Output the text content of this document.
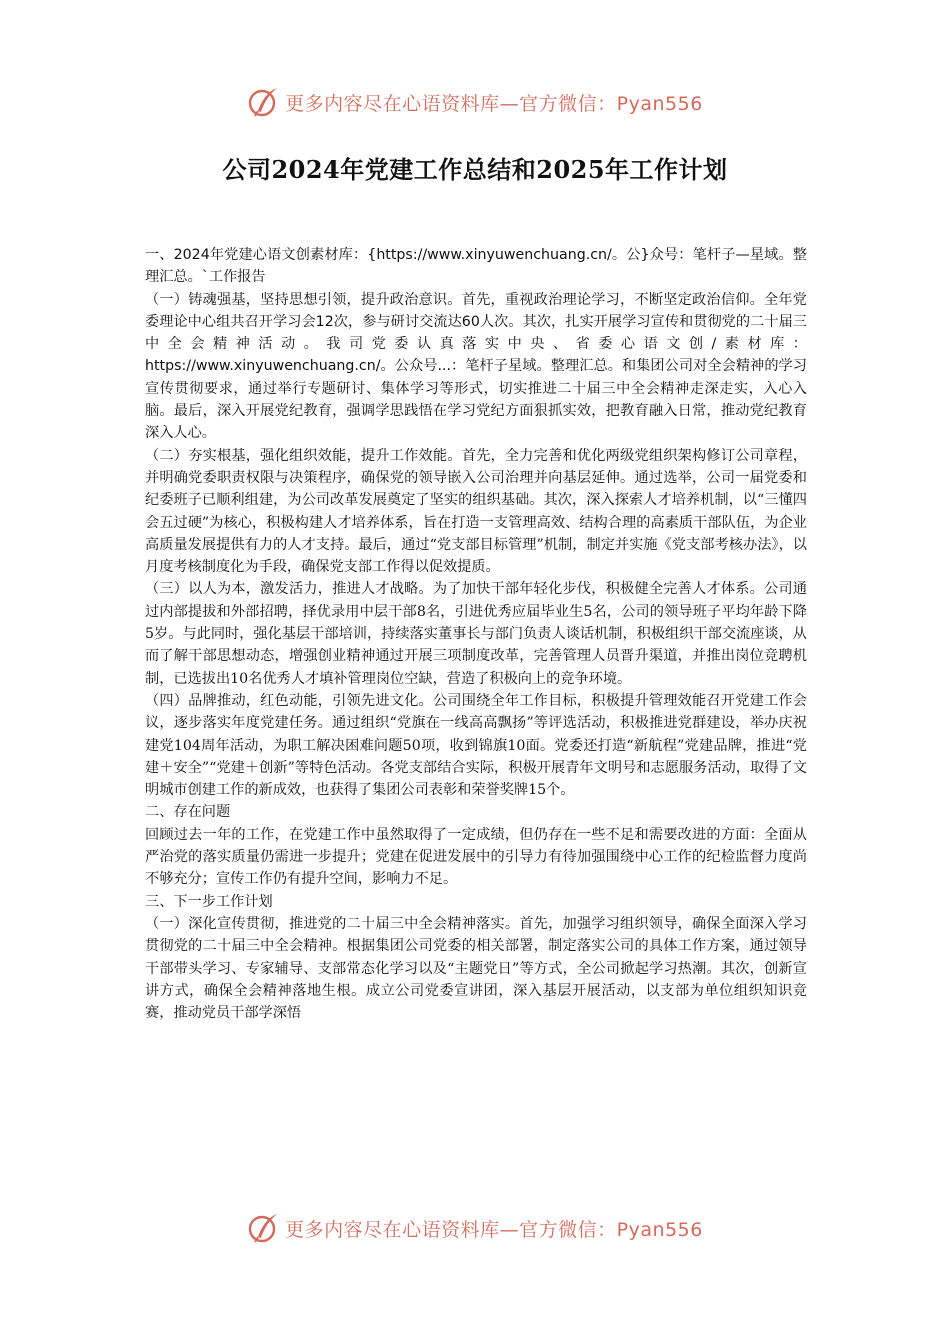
更多内容尽在心语资料库—官方微信：Pyan556
公司2024年党建工作总结和2025年工作计划

一、2024年党建心语文创素材库：{https://www.xinyuwenchuang.cn/。公}众号：笔杆子—星域。整理汇总。`工作报告

（一）铸魂强基，坚持思想引领，提升政治意识。首先，重视政治理论学习，不断坚定政治信仰。全年党委理论中心组共召开学习会12次，参与研讨交流达60人次。其次，扎实开展学习宣传和贯彻党的二十届三中全会精神活动。我司党委认真落实中央、省委心语文创/素材库：https://www.xinyuwenchuang.cn/。公众号...：笔杆子星域。整理汇总。和集团公司对全会精神的学习宣传贯彻要求，通过举行专题研讨、集体学习等形式，切实推进二十届三中全会精神走深走实，入心入脑。最后，深入开展党纪教育，强调学思践悟在学习党纪方面狠抓实效，把教育融入日常，推动党纪教育深入人心。

（二）夯实根基，强化组织效能，提升工作效能。首先，全力完善和优化两级党组织架构修订公司章程，并明确党委职责权限与决策程序，确保党的领导嵌入公司治理并向基层延伸。通过选举，公司一届党委和纪委班子已顺利组建，为公司改革发展奠定了坚实的组织基础。其次，深入探索人才培养机制，以“三懂四会五过硬”为核心，积极构建人才培养体系，旨在打造一支管理高效、结构合理的高素质干部队伍，为企业高质量发展提供有力的人才支持。最后，通过“党支部目标管理”机制，制定并实施《党支部考核办法》，以月度考核制度化为手段，确保党支部工作得以促效提质。

（三）以人为本，激发活力，推进人才战略。为了加快干部年轻化步伐，积极健全完善人才体系。公司通过内部提拔和外部招聘，择优录用中层干部8名，引进优秀应届毕业生5名，公司的领导班子平均年龄下降5岁。与此同时，强化基层干部培训，持续落实董事长与部门负责人谈话机制，积极组织干部交流座谈，从而了解干部思想动态，增强创业精神通过开展三项制度改革，完善管理人员晋升渠道，并推出岗位竞聘机制，已选拔出10名优秀人才填补管理岗位空缺，营造了积极向上的竞争环境。

（四）品牌推动，红色动能，引领先进文化。公司围绕全年工作目标，积极提升管理效能召开党建工作会议，逐步落实年度党建任务。通过组织“党旗在一线高高飘扬”等评选活动，积极推进党群建设，举办庆祝建党104周年活动，为职工解决困难问题50项，收到锦旗10面。党委还打造“新航程”党建品牌，推进“党建＋安全”“党建＋创新”等特色活动。各党支部结合实际，积极开展青年文明号和志愿服务活动，取得了文明城市创建工作的新成效，也获得了集团公司表彰和荣誉奖牌15个。

二、存在问题

回顾过去一年的工作，在党建工作中虽然取得了一定成绩，但仍存在一些不足和需要改进的方面：全面从严治党的落实质量仍需进一步提升；党建在促进发展中的引导力有待加强围绕中心工作的纪检监督力度尚不够充分；宣传工作仍有提升空间，影响力不足。

三、下一步工作计划

（一）深化宣传贯彻，推进党的二十届三中全会精神落实。首先，加强学习组织领导，确保全面深入学习贯彻党的二十届三中全会精神。根据集团公司党委的相关部署，制定落实公司的具体工作方案，通过领导干部带头学习、专家辅导、支部常态化学习以及“主题党日”等方式，全公司掀起学习热潮。其次，创新宣讲方式，确保全会精神落地生根。成立公司党委宣讲团，深入基层开展活动，以支部为单位组织知识竞赛，推动党员干部学深悟

更多内容尽在心语资料库—官方微信：Pyan556
